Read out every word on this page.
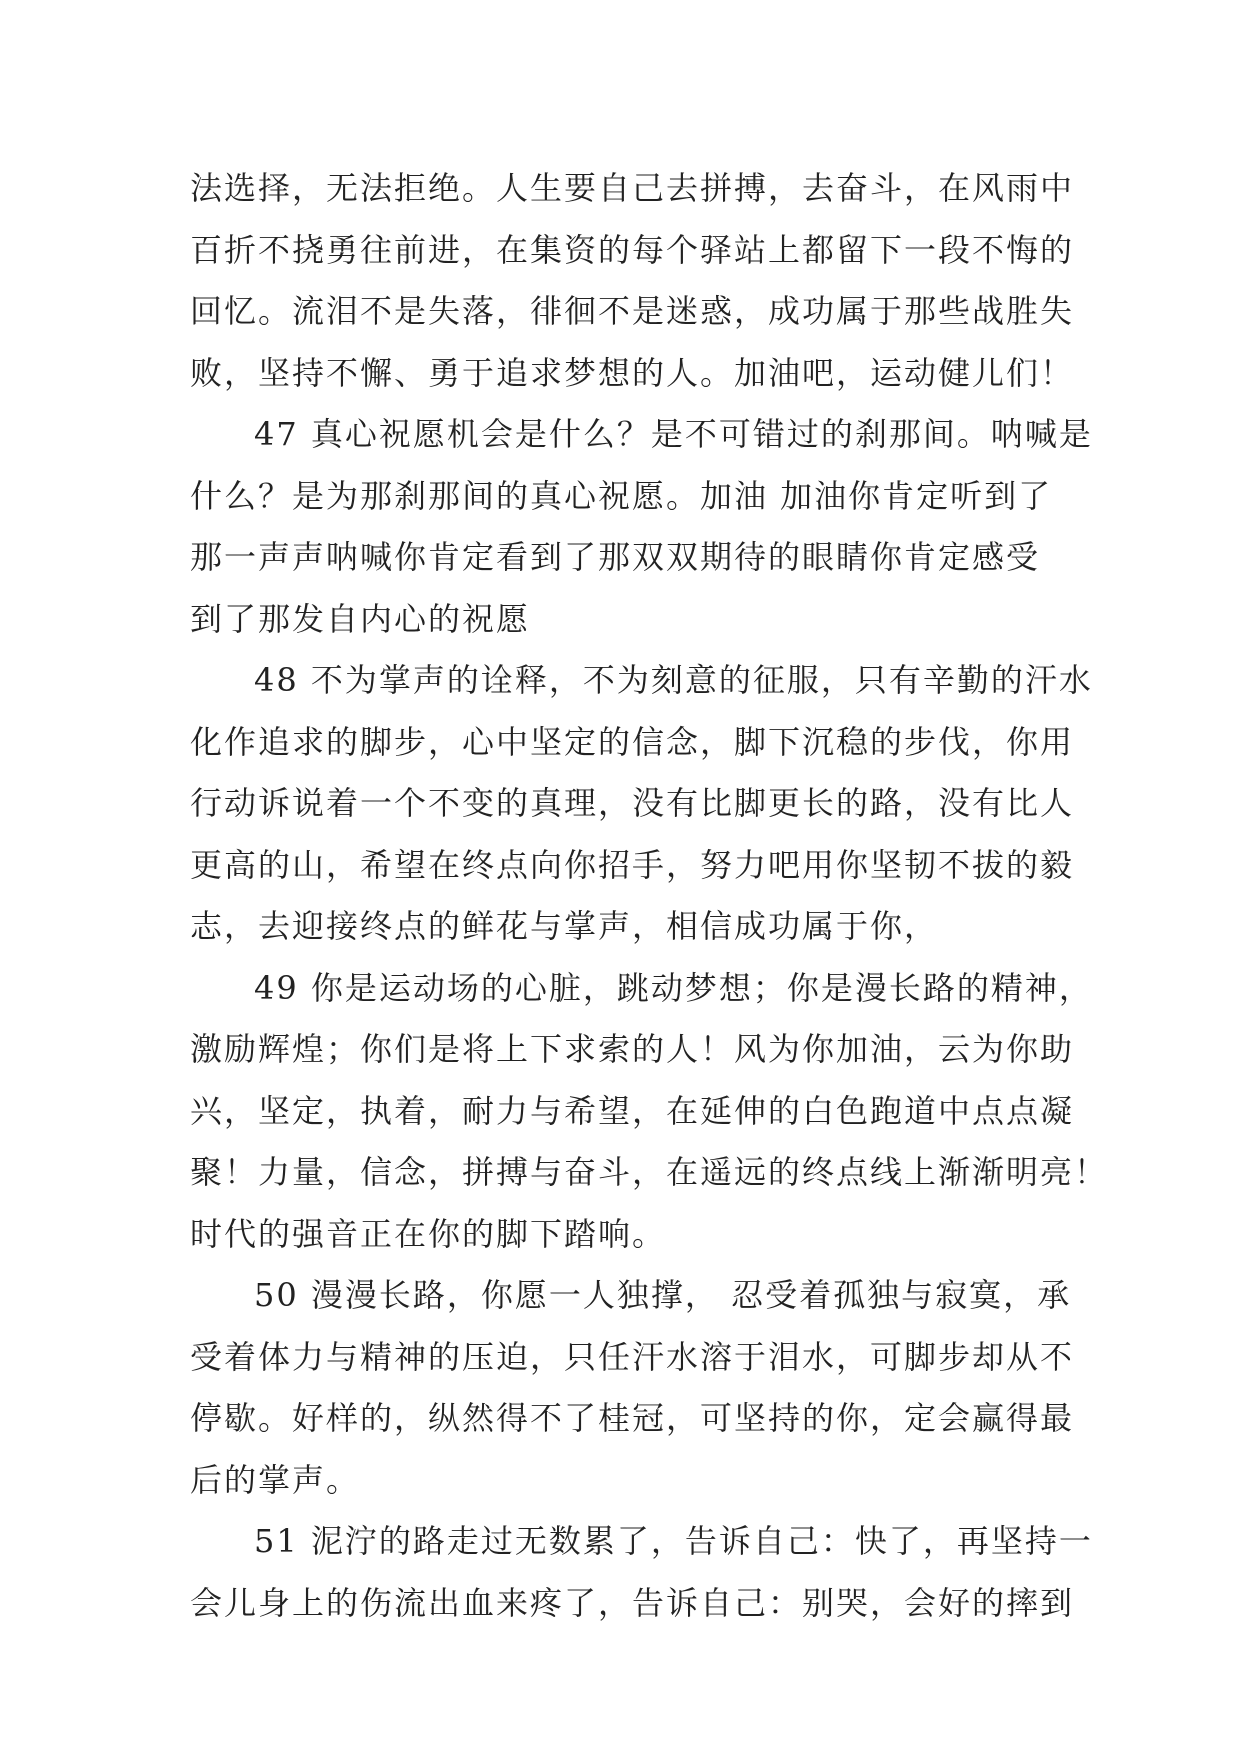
法选择，无法拒绝。人生要自己去拼搏，去奋斗，在风雨中
百折不挠勇往前进，在集资的每个驿站上都留下一段不悔的
回忆。流泪不是失落，徘徊不是迷惑，成功属于那些战胜失
败，坚持不懈、勇于追求梦想的人。加油吧，运动健儿们！
47 真心祝愿机会是什么？是不可错过的刹那间。呐喊是
什么？是为那刹那间的真心祝愿。加油 加油你肯定听到了
那一声声呐喊你肯定看到了那双双期待的眼睛你肯定感受
到了那发自内心的祝愿
48 不为掌声的诠释，不为刻意的征服，只有辛勤的汗水
化作追求的脚步，心中坚定的信念，脚下沉稳的步伐，你用
行动诉说着一个不变的真理，没有比脚更长的路，没有比人
更高的山，希望在终点向你招手，努力吧用你坚韧不拔的毅
志，去迎接终点的鲜花与掌声，相信成功属于你，
49 你是运动场的心脏，跳动梦想；你是漫长路的精神，
激励辉煌；你们是将上下求索的人！风为你加油，云为你助
兴，坚定，执着，耐力与希望，在延伸的白色跑道中点点凝
聚！力量，信念，拼搏与奋斗，在遥远的终点线上渐渐明亮！
时代的强音正在你的脚下踏响。
50 漫漫长路，你愿一人独撑， 忍受着孤独与寂寞，承
受着体力与精神的压迫，只任汗水溶于泪水，可脚步却从不
停歇。好样的，纵然得不了桂冠，可坚持的你，定会赢得最
后的掌声。
51 泥泞的路走过无数累了，告诉自己：快了，再坚持一
会儿身上的伤流出血来疼了，告诉自己：别哭，会好的摔到
